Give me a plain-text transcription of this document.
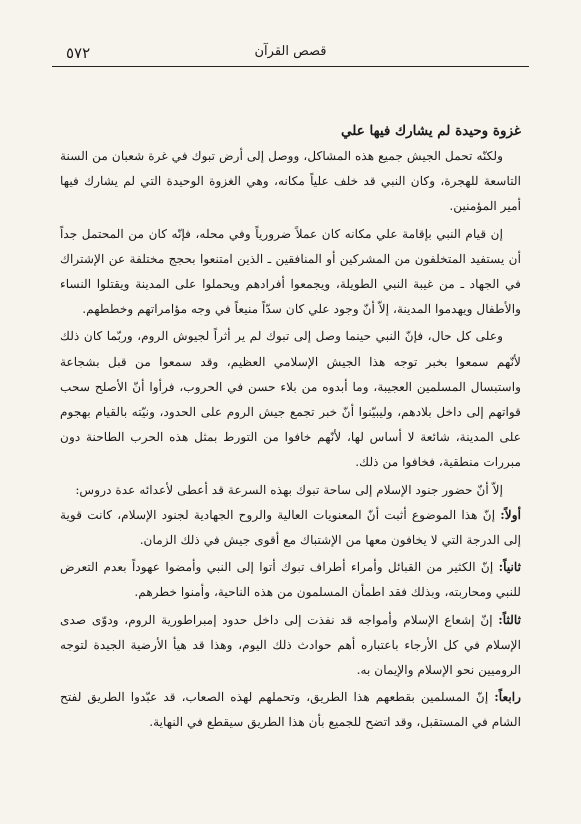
٥٧٢	قصص القرآن
غزوة وحيدة لم يشارك فيها علي

ولكنّه تحمل الجيش جميع هذه المشاكل، ووصل إلى أرض تبوك في غرة شعبان من السنة التاسعة للهجرة، وكان النبي قد خلف علياً مكانه، وهي الغزوة الوحيدة التي لم يشارك فيها أمير المؤمنين.

إن قيام النبي بإقامة علي مكانه كان عملاً ضرورياً وفي محله، فإنّه كان من المحتمل جداً أن يستفيد المتخلفون من المشركين أو المنافقين ـ الذين امتنعوا بحجج مختلفة عن الإشتراك في الجهاد ـ من غيبة النبي الطويلة، ويجمعوا أفرادهم ويحملوا على المدينة ويقتلوا النساء والأطفال ويهدموا المدينة، إلاّ أنّ وجود علي كان سدّاً منيعاً في وجه مؤامراتهم وخططهم.

وعلى كل حال، فإنّ النبي حينما وصل إلى تبوك لم ير أثراً لجيوش الروم، وربّما كان ذلك لأنّهم سمعوا بخبر توجه هذا الجيش الإسلامي العظيم، وقد سمعوا من قبل بشجاعة واستبسال المسلمين العجيبة، وما أبدوه من بلاء حسن في الحروب، فرأوا أنّ الأصلح سحب قواتهم إلى داخل بلادهم، وليبيّنوا أنّ خبر تجمع جيش الروم على الحدود، ونيّته بالقيام بهجوم على المدينة، شائعة لا أساس لها، لأنّهم خافوا من التورط بمثل هذه الحرب الطاحنة دون مبررات منطقية، فخافوا من ذلك.

إلاّ أنّ حضور جنود الإسلام إلى ساحة تبوك بهذه السرعة قد أعطى لأعدائه عدة دروس:

أولاً: إنّ هذا الموضوع أثبت أنّ المعنويات العالية والروح الجهادية لجنود الإسلام، كانت قوية إلى الدرجة التي لا يخافون معها من الإشتباك مع أقوى جيش في ذلك الزمان.

ثانياً: إنّ الكثير من القبائل وأمراء أطراف تبوك أتوا إلى النبي وأمضوا عهوداً بعدم التعرض للنبي ومحاربته، وبذلك فقد اطمأن المسلمون من هذه الناحية، وأمنوا خطرهم.

ثالثاً: إنّ إشعاع الإسلام وأمواجه قد نفذت إلى داخل حدود إمبراطورية الروم، ودوّى صدى الإسلام في كل الأرجاء باعتباره أهم حوادث ذلك اليوم، وهذا قد هيأ الأرضية الجيدة لتوجه الروميين نحو الإسلام والإيمان به.

رابعاً: إنّ المسلمين بقطعهم هذا الطريق، وتحملهم لهذه الصعاب، قد عبّدوا الطريق لفتح الشام في المستقبل، وقد اتضح للجميع بأن هذا الطريق سيقطع في النهاية.
